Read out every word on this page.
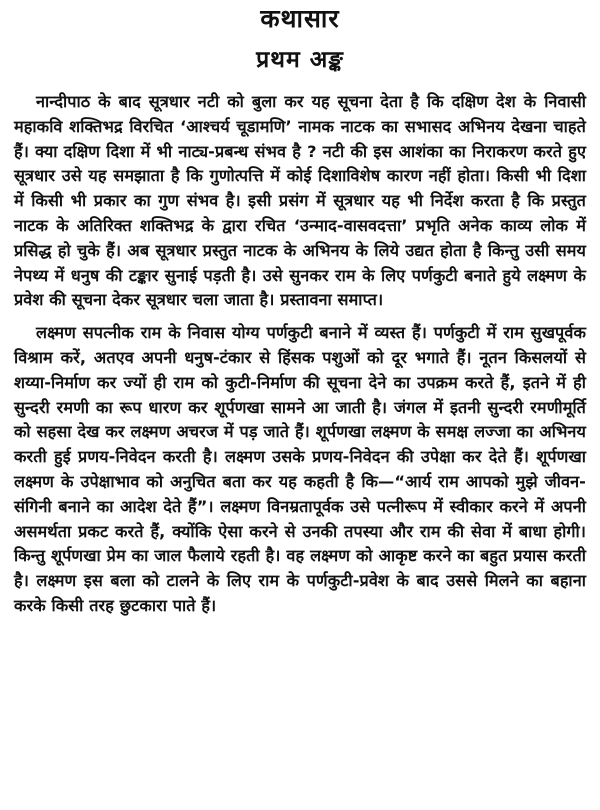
कथासार
प्रथम अङ्क

नान्दीपाठ के बाद सूत्रधार नटी को बुला कर यह सूचना देता है कि दक्षिण देश के निवासी महाकवि शक्तिभद्र विरचित ‘आश्चर्य चूडामणि’ नामक नाटक का सभासद अभिनय देखना चाहते हैं। क्या दक्षिण दिशा में भी नाट्य-प्रबन्ध संभव है ? नटी की इस आशंका का निराकरण करते हुए सूत्रधार उसे यह समझाता है कि गुणोत्पत्ति में कोई दिशाविशेष कारण नहीं होता। किसी भी दिशा में किसी भी प्रकार का गुण संभव है। इसी प्रसंग में सूत्रधार यह भी निर्देश करता है कि प्रस्तुत नाटक के अतिरिक्त शक्तिभद्र के द्वारा रचित ‘उन्माद-वासवदत्ता’ प्रभृति अनेक काव्य लोक में प्रसिद्ध हो चुके हैं। अब सूत्रधार प्रस्तुत नाटक के अभिनय के लिये उद्यत होता है किन्तु उसी समय नेपथ्य में धनुष की टङ्कार सुनाई पड़ती है। उसे सुनकर राम के लिए पर्णकुटी बनाते हुये लक्ष्मण के प्रवेश की सूचना देकर सूत्रधार चला जाता है। प्रस्तावना समाप्त।

लक्ष्मण सपत्नीक राम के निवास योग्य पर्णकुटी बनाने में व्यस्त हैं। पर्णकुटी में राम सुखपूर्वक विश्राम करें, अतएव अपनी धनुष-टंकार से हिंसक पशुओं को दूर भगाते हैं। नूतन किसलयों से शय्या-निर्माण कर ज्यों ही राम को कुटी-निर्माण की सूचना देने का उपक्रम करते हैं, इतने में ही सुन्दरी रमणी का रूप धारण कर शूर्पणखा सामने आ जाती है। जंगल में इतनी सुन्दरी रमणीमूर्ति को सहसा देख कर लक्ष्मण अचरज में पड़ जाते हैं। शूर्पणखा लक्ष्मण के समक्ष लज्जा का अभिनय करती हुई प्रणय-निवेदन करती है। लक्ष्मण उसके प्रणय-निवेदन की उपेक्षा कर देते हैं। शूर्पणखा लक्ष्मण के उपेक्षाभाव को अनुचित बता कर यह कहती है कि—“आर्य राम आपको मुझे जीवन-संगिनी बनाने का आदेश देते हैं”। लक्ष्मण विनम्रतापूर्वक उसे पत्नीरूप में स्वीकार करने में अपनी असमर्थता प्रकट करते हैं, क्योंकि ऐसा करने से उनकी तपस्या और राम की सेवा में बाधा होगी। किन्तु शूर्पणखा प्रेम का जाल फैलाये रहती है। वह लक्ष्मण को आकृष्ट करने का बहुत प्रयास करती है। लक्ष्मण इस बला को टालने के लिए राम के पर्णकुटी-प्रवेश के बाद उससे मिलने का बहाना करके किसी तरह छुटकारा पाते हैं।
